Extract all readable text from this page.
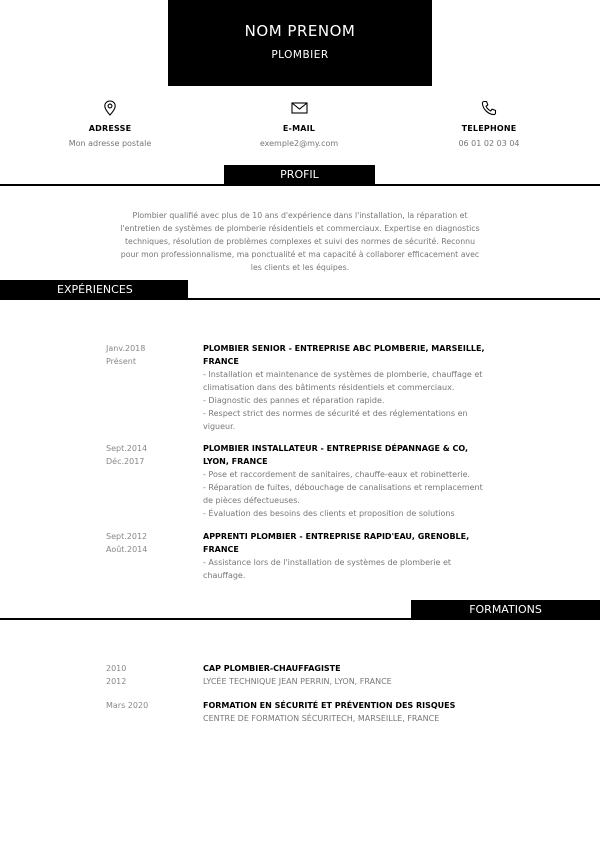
NOM PRENOM
PLOMBIER
ADRESSE
Mon adresse postale
E-MAIL
exemple2@my.com
TELEPHONE
06 01 02 03 04
PROFIL
Plombier qualifié avec plus de 10 ans d'expérience dans l'installation, la réparation et
l'entretien de systèmes de plomberie résidentiels et commerciaux. Expertise en diagnostics
techniques, résolution de problèmes complexes et suivi des normes de sécurité. Reconnu
pour mon professionnalisme, ma ponctualité et ma capacité à collaborer efficacement avec
les clients et les équipes.
EXPÉRIENCES
Janv.2018
Présent
PLOMBIER SENIOR - ENTREPRISE ABC PLOMBERIE, MARSEILLE,
FRANCE
- Installation et maintenance de systèmes de plomberie, chauffage et
climatisation dans des bâtiments résidentiels et commerciaux.
- Diagnostic des pannes et réparation rapide.
- Respect strict des normes de sécurité et des réglementations en
vigueur.
Sept.2014
Déc.2017
PLOMBIER INSTALLATEUR - ENTREPRISE DÉPANNAGE & CO,
LYON, FRANCE
- Pose et raccordement de sanitaires, chauffe-eaux et robinetterie.
- Réparation de fuites, débouchage de canalisations et remplacement
de pièces défectueuses.
- Évaluation des besoins des clients et proposition de solutions
Sept.2012
Août.2014
APPRENTI PLOMBIER - ENTREPRISE RAPID'EAU, GRENOBLE,
FRANCE
- Assistance lors de l'installation de systèmes de plomberie et
chauffage.
FORMATIONS
2010
2012
CAP PLOMBIER-CHAUFFAGISTE
LYCÉE TECHNIQUE JEAN PERRIN, LYON, FRANCE
Mars 2020	FORMATION EN SÉCURITÉ ET PRÉVENTION DES RISQUES
CENTRE DE FORMATION SÉCURITECH, MARSEILLE, FRANCE
